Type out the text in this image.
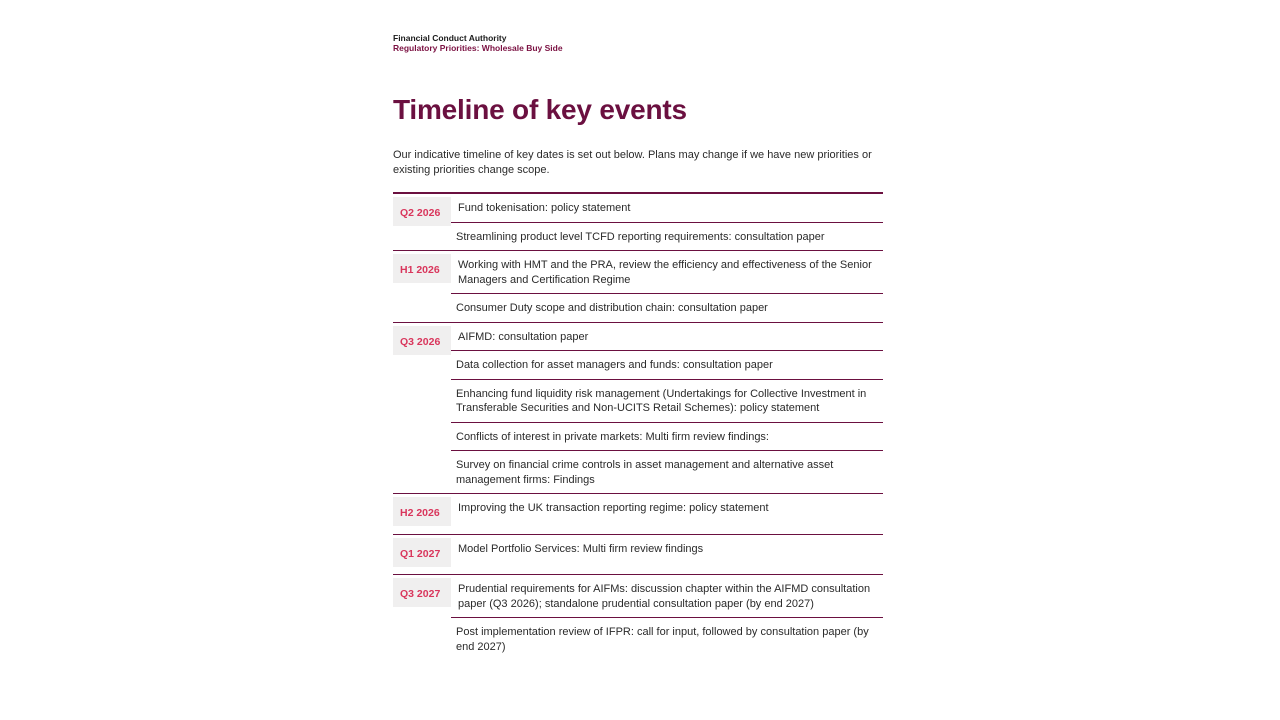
Financial Conduct Authority

Regulatory Priorities: Wholesale Buy Side

Timeline of key events

Our indicative timeline of key dates is set out below. Plans may change if we have new priorities or existing priorities change scope.

Q2 2026	Fund tokenisation: policy statement
Streamlining product level TCFD reporting requirements: consultation paper
H1 2026	Working with HMT and the PRA, review the efficiency and effectiveness of the Senior Managers and Certification Regime
Consumer Duty scope and distribution chain: consultation paper
Q3 2026	AIFMD: consultation paper
Data collection for asset managers and funds: consultation paper
Enhancing fund liquidity risk management (Undertakings for Collective Investment in Transferable Securities and Non-UCITS Retail Schemes): policy statement
Conflicts of interest in private markets: Multi firm review findings:
Survey on financial crime controls in asset management and alternative asset management firms: Findings
H2 2026	Improving the UK transaction reporting regime: policy statement
Q1 2027	Model Portfolio Services: Multi firm review findings
Q3 2027	Prudential requirements for AIFMs: discussion chapter within the AIFMD consultation paper (Q3 2026); standalone prudential consultation paper (by end 2027)
Post implementation review of IFPR: call for input, followed by consultation paper (by end 2027)
